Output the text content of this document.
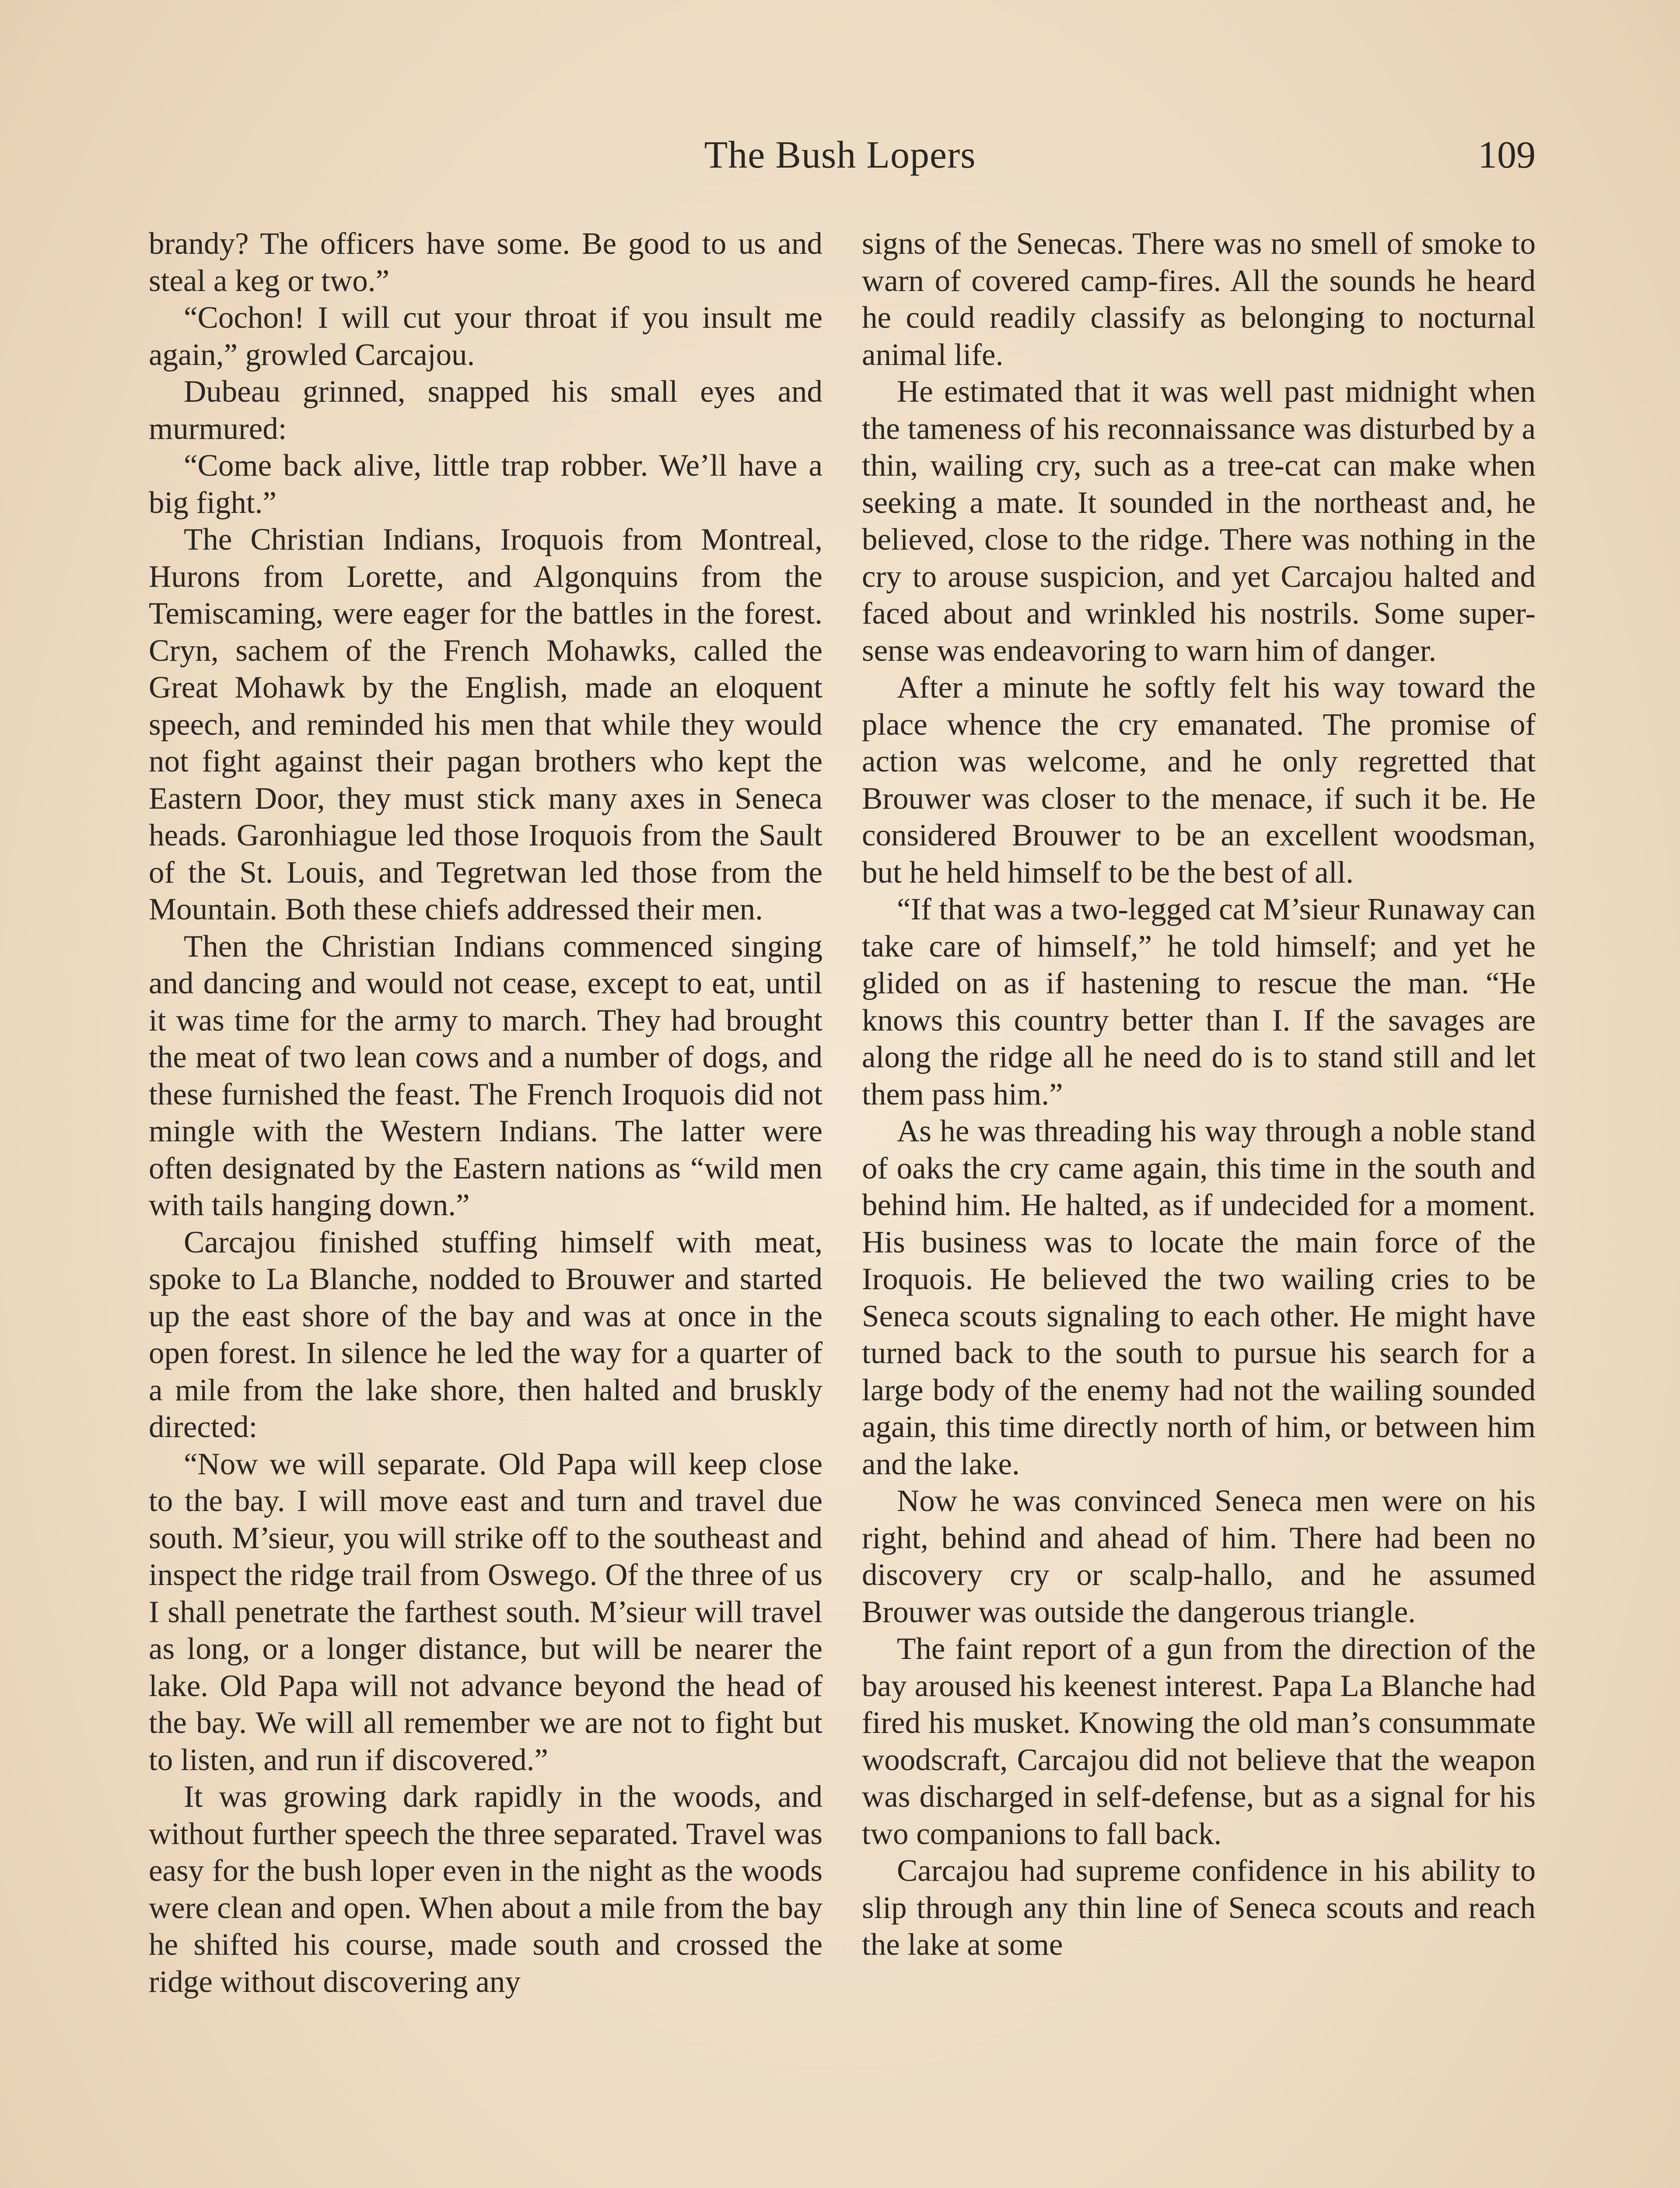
The Bush Lopers	109

brandy? The officers have some. Be good to us and steal a keg or two.”

“Cochon! I will cut your throat if you insult me again,” growled Carcajou.

Dubeau grinned, snapped his small eyes and murmured:

“Come back alive, little trap robber. We’ll have a big fight.”

The Christian Indians, Iroquois from Montreal, Hurons from Lorette, and Algonquins from the Temiscaming, were eager for the battles in the forest. Cryn, sachem of the French Mohawks, called the Great Mohawk by the English, made an eloquent speech, and reminded his men that while they would not fight against their pagan brothers who kept the Eastern Door, they must stick many axes in Seneca heads. Garonhiague led those Iroquois from the Sault of the St. Louis, and Tegretwan led those from the Mountain. Both these chiefs addressed their men.

Then the Christian Indians commenced singing and dancing and would not cease, except to eat, until it was time for the army to march. They had brought the meat of two lean cows and a number of dogs, and these furnished the feast. The French Iroquois did not mingle with the Western Indians. The latter were often designated by the Eastern nations as “wild men with tails hanging down.”

Carcajou finished stuffing himself with meat, spoke to La Blanche, nodded to Brouwer and started up the east shore of the bay and was at once in the open forest. In silence he led the way for a quarter of a mile from the lake shore, then halted and bruskly directed:

“Now we will separate. Old Papa will keep close to the bay. I will move east and turn and travel due south. M’sieur, you will strike off to the southeast and inspect the ridge trail from Oswego. Of the three of us I shall penetrate the farthest south. M’sieur will travel as long, or a longer distance, but will be nearer the lake. Old Papa will not advance beyond the head of the bay. We will all remember we are not to fight but to listen, and run if discovered.”

It was growing dark rapidly in the woods, and without further speech the three separated. Travel was easy for the bush loper even in the night as the woods were clean and open. When about a mile from the bay he shifted his course, made south and crossed the ridge without discovering any

signs of the Senecas. There was no smell of smoke to warn of covered camp-fires. All the sounds he heard he could readily classify as belonging to nocturnal animal life.

He estimated that it was well past midnight when the tameness of his reconnaissance was disturbed by a thin, wailing cry, such as a tree-cat can make when seeking a mate. It sounded in the northeast and, he believed, close to the ridge. There was nothing in the cry to arouse suspicion, and yet Carcajou halted and faced about and wrinkled his nostrils. Some super-sense was endeavoring to warn him of danger.

After a minute he softly felt his way toward the place whence the cry emanated. The promise of action was welcome, and he only regretted that Brouwer was closer to the menace, if such it be. He considered Brouwer to be an excellent woodsman, but he held himself to be the best of all.

“If that was a two-legged cat M’sieur Runaway can take care of himself,” he told himself; and yet he glided on as if hastening to rescue the man. “He knows this country better than I. If the savages are along the ridge all he need do is to stand still and let them pass him.”

As he was threading his way through a noble stand of oaks the cry came again, this time in the south and behind him. He halted, as if undecided for a moment. His business was to locate the main force of the Iroquois. He believed the two wailing cries to be Seneca scouts signaling to each other. He might have turned back to the south to pursue his search for a large body of the enemy had not the wailing sounded again, this time directly north of him, or between him and the lake.

Now he was convinced Seneca men were on his right, behind and ahead of him. There had been no discovery cry or scalp-hallo, and he assumed Brouwer was outside the dangerous triangle.

The faint report of a gun from the direction of the bay aroused his keenest interest. Papa La Blanche had fired his musket. Knowing the old man’s consummate woodscraft, Carcajou did not believe that the weapon was discharged in self-defense, but as a signal for his two companions to fall back.

Carcajou had supreme confidence in his ability to slip through any thin line of Seneca scouts and reach the lake at some
